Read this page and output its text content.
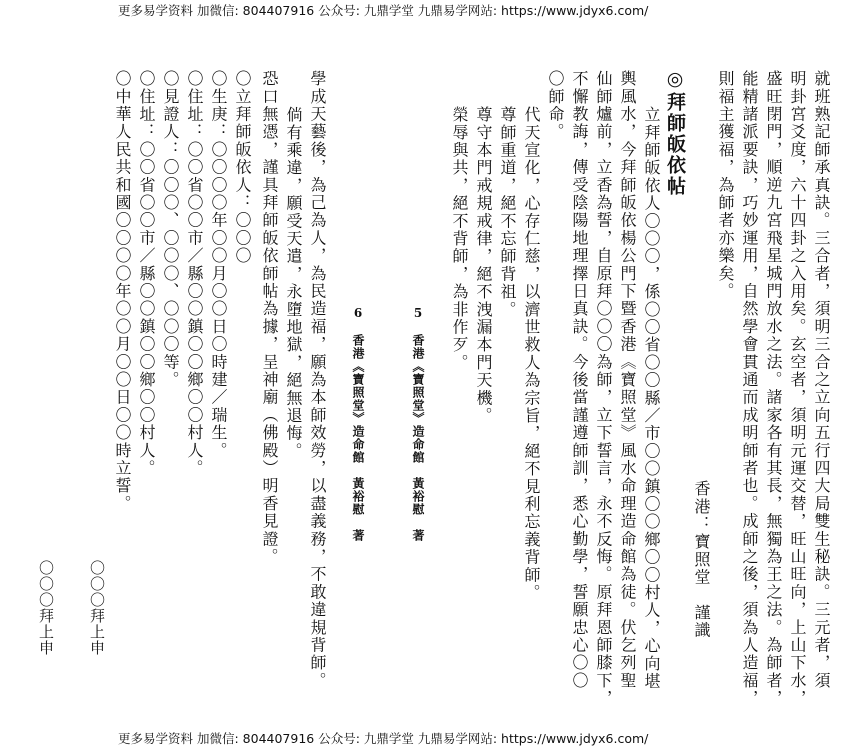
更多易学资料 加微信: 804407916 公众号: 九鼎学堂 九鼎易学网站: https://www.jdyx6.com/
就班熟記師承真訣。三合者，須明三合之立向五行四大局雙生秘訣。三元者，須
明卦宮爻度，六十四卦之入用矣。玄空者，須明元運交替，旺山旺向，上山下水，
盛旺閉門，順逆九宮飛星城門放水之法。諸家各有其長，無獨為王之法。為師者，
能精諸派要訣，巧妙運用，自然學會貫通而成明師者也。成師之後，須為人造福，
則福主獲福，為師者亦樂矣。
香港：寶照堂　謹識
◎拜師皈依帖
立拜師皈依人〇〇〇，係〇〇省〇〇縣／市〇〇鎮〇〇鄉〇〇村人，心向堪
輿風水，今拜師皈依楊公門下暨香港《寶照堂》風水命理造命館為徒。伏乞列聖
仙師爐前，立香為誓，自原拜〇〇〇為師，立下誓言，永不反悔。原拜恩師膝下，
不懈教誨，傳受陰陽地理擇日真訣。今後當謹遵師訓，悉心勤學，誓願忠心〇〇
〇師命。
代天宣化，心存仁慈，以濟世救人為宗旨，絕不見利忘義背師。
尊師重道，絕不忘師背祖。
尊守本門戒規戒律，絕不洩漏本門天機。
榮辱與共，絕不背師，為非作歹。
5　香港《寶照堂》造命館　黃裕慰　著
6　香港《寶照堂》造命館　黃裕慰　著
學成天藝後，為己為人，為民造福，願為本師效勞，以盡義務，不敢違規背師。
倘有乘違，願受天遣，永墮地獄，絕無退悔。
恐口無憑，謹具拜師皈依師帖為據，呈神廟（佛殿）明香見證。
〇立拜師皈依人：〇〇〇
〇生庚：〇〇〇〇年〇〇月〇〇日〇時建／瑞生。
〇住址：〇〇省〇〇市／縣〇〇鎮〇〇鄉〇〇村人。
〇見證人：〇〇〇、〇〇〇、〇〇〇等。
〇住址：〇〇省〇〇市／縣〇〇鎮〇〇鄉〇〇村人。
〇中華人民共和國〇〇〇〇年〇〇月〇〇日〇〇時立誓。
〇〇〇拜上申
〇〇〇拜上申
更多易学资料 加微信: 804407916 公众号: 九鼎学堂 九鼎易学网站: https://www.jdyx6.com/
